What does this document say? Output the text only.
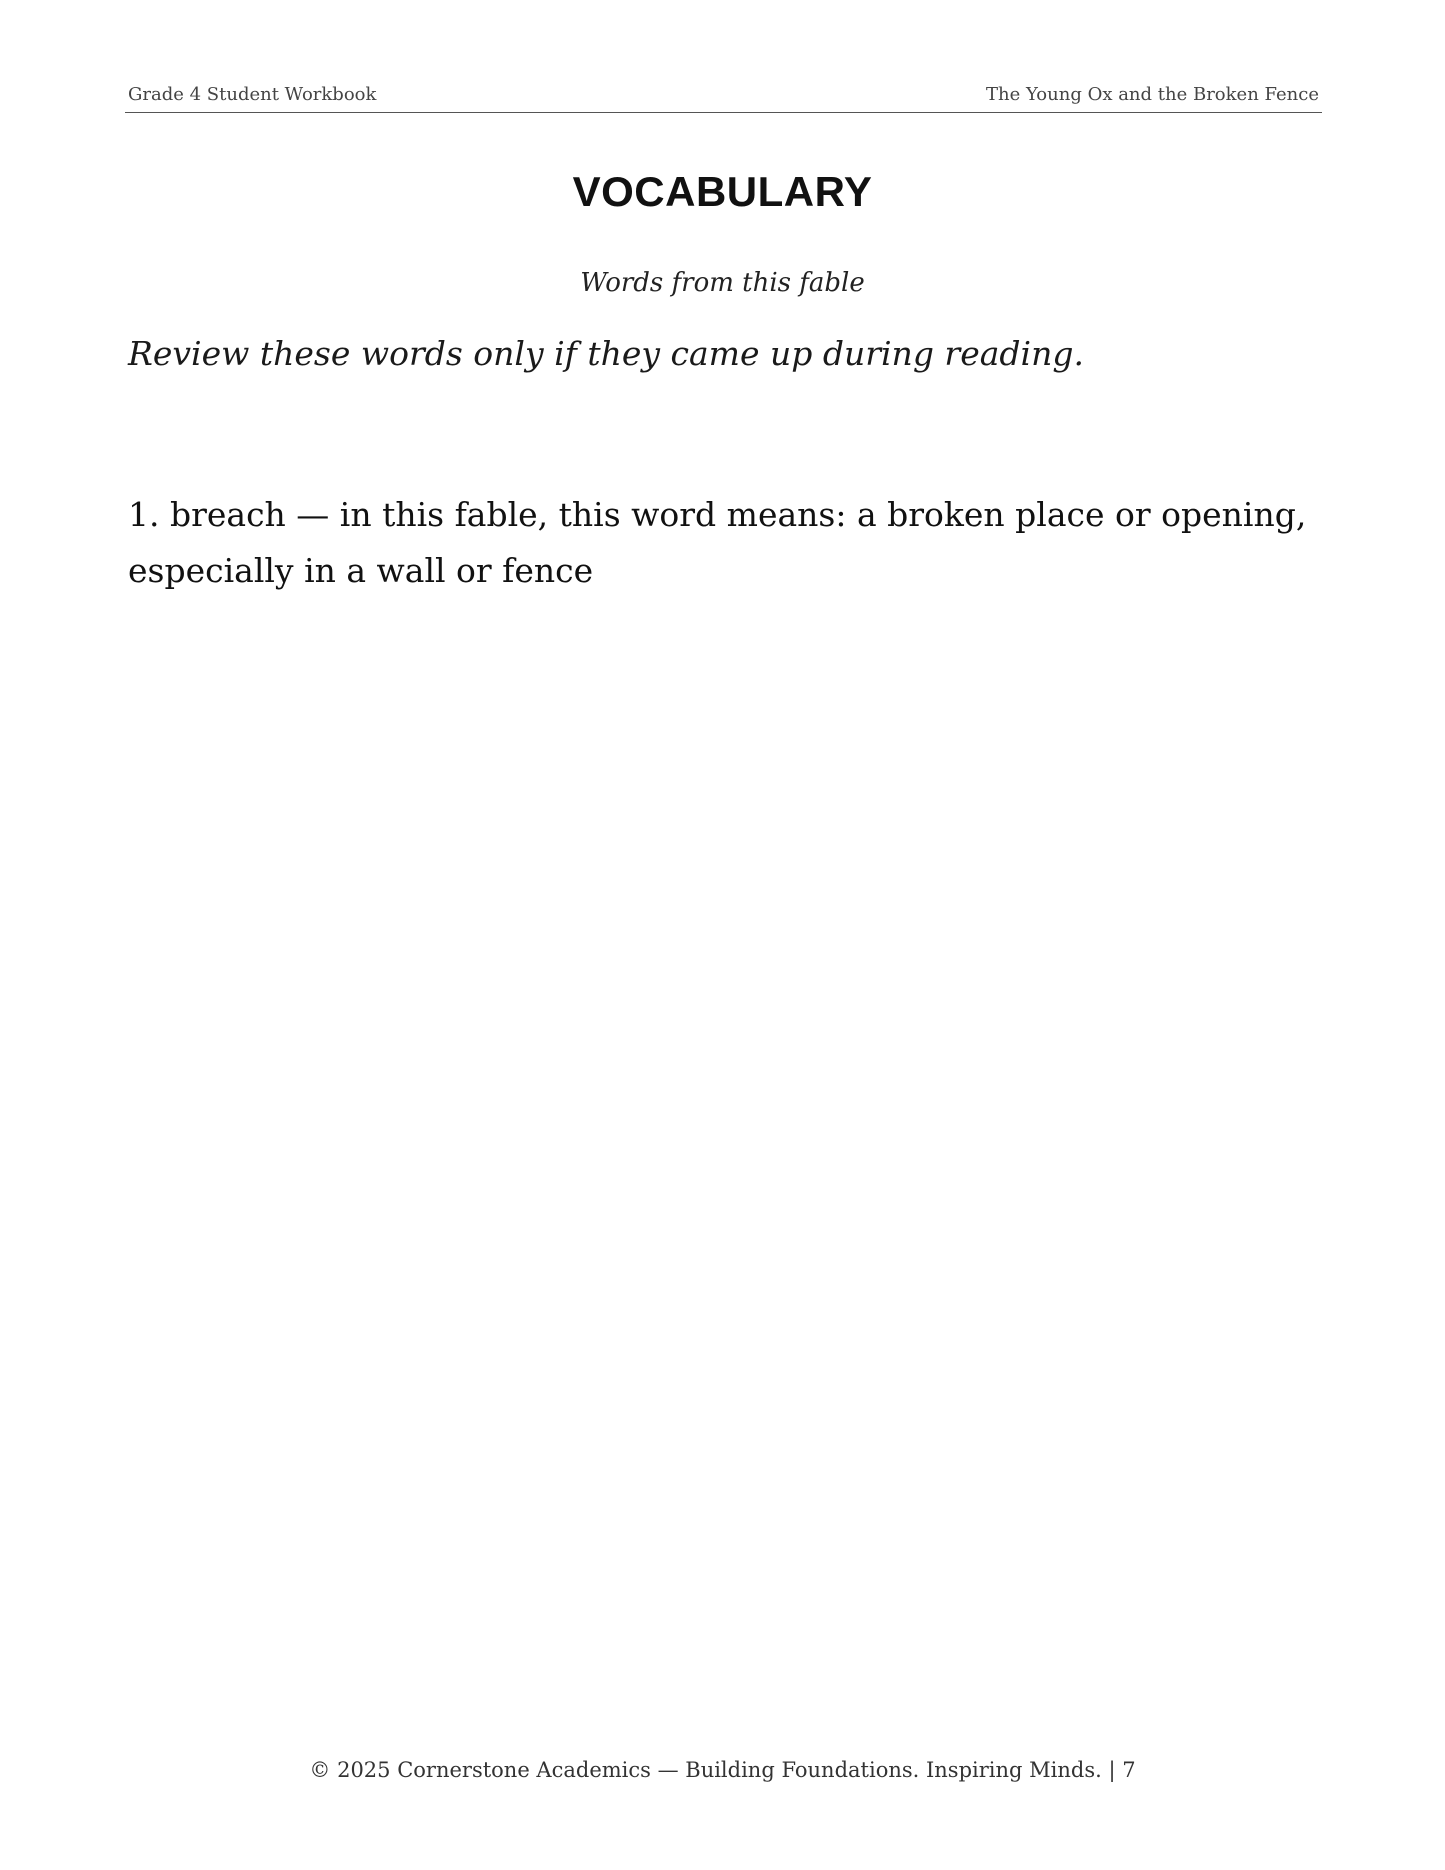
Grade 4 Student Workbook	The Young Ox and the Broken Fence
VOCABULARY
Words from this fable
Review these words only if they came up during reading.
1. breach — in this fable, this word means: a broken place or opening, especially in a wall or fence
© 2025 Cornerstone Academics — Building Foundations. Inspiring Minds. | 7
